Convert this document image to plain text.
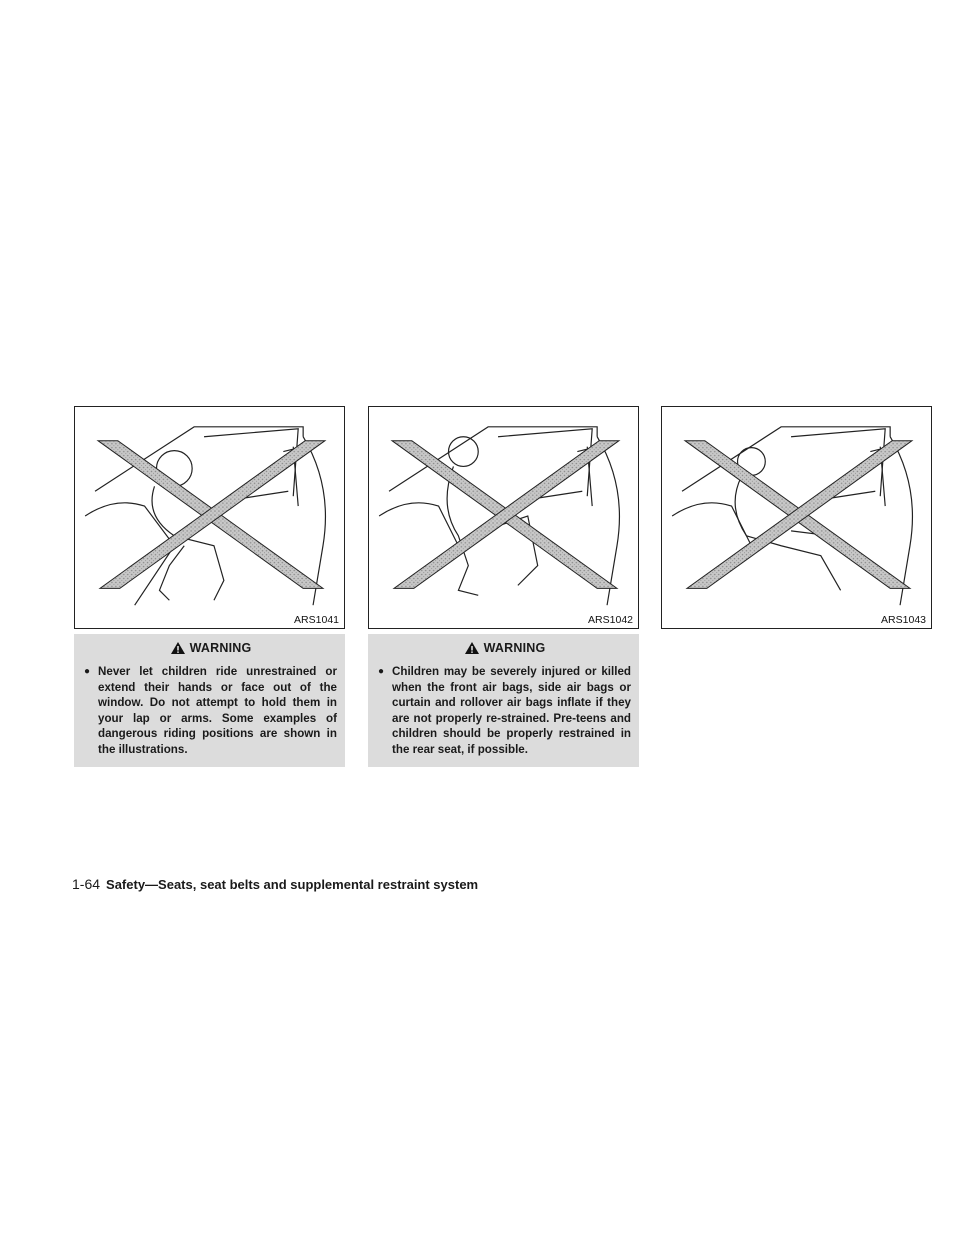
ARS1041	ARS1042	ARS1043
WARNING
● Never let children ride unrestrained or extend their hands or face out of the window. Do not attempt to hold them in your lap or arms. Some examples of dangerous riding positions are shown in the illustrations.
WARNING
● Children may be severely injured or killed when the front air bags, side air bags or curtain and rollover air bags inflate if they are not properly re-strained. Pre-teens and children should be properly restrained in the rear seat, if possible.
1-64 Safety—Seats, seat belts and supplemental restraint system
